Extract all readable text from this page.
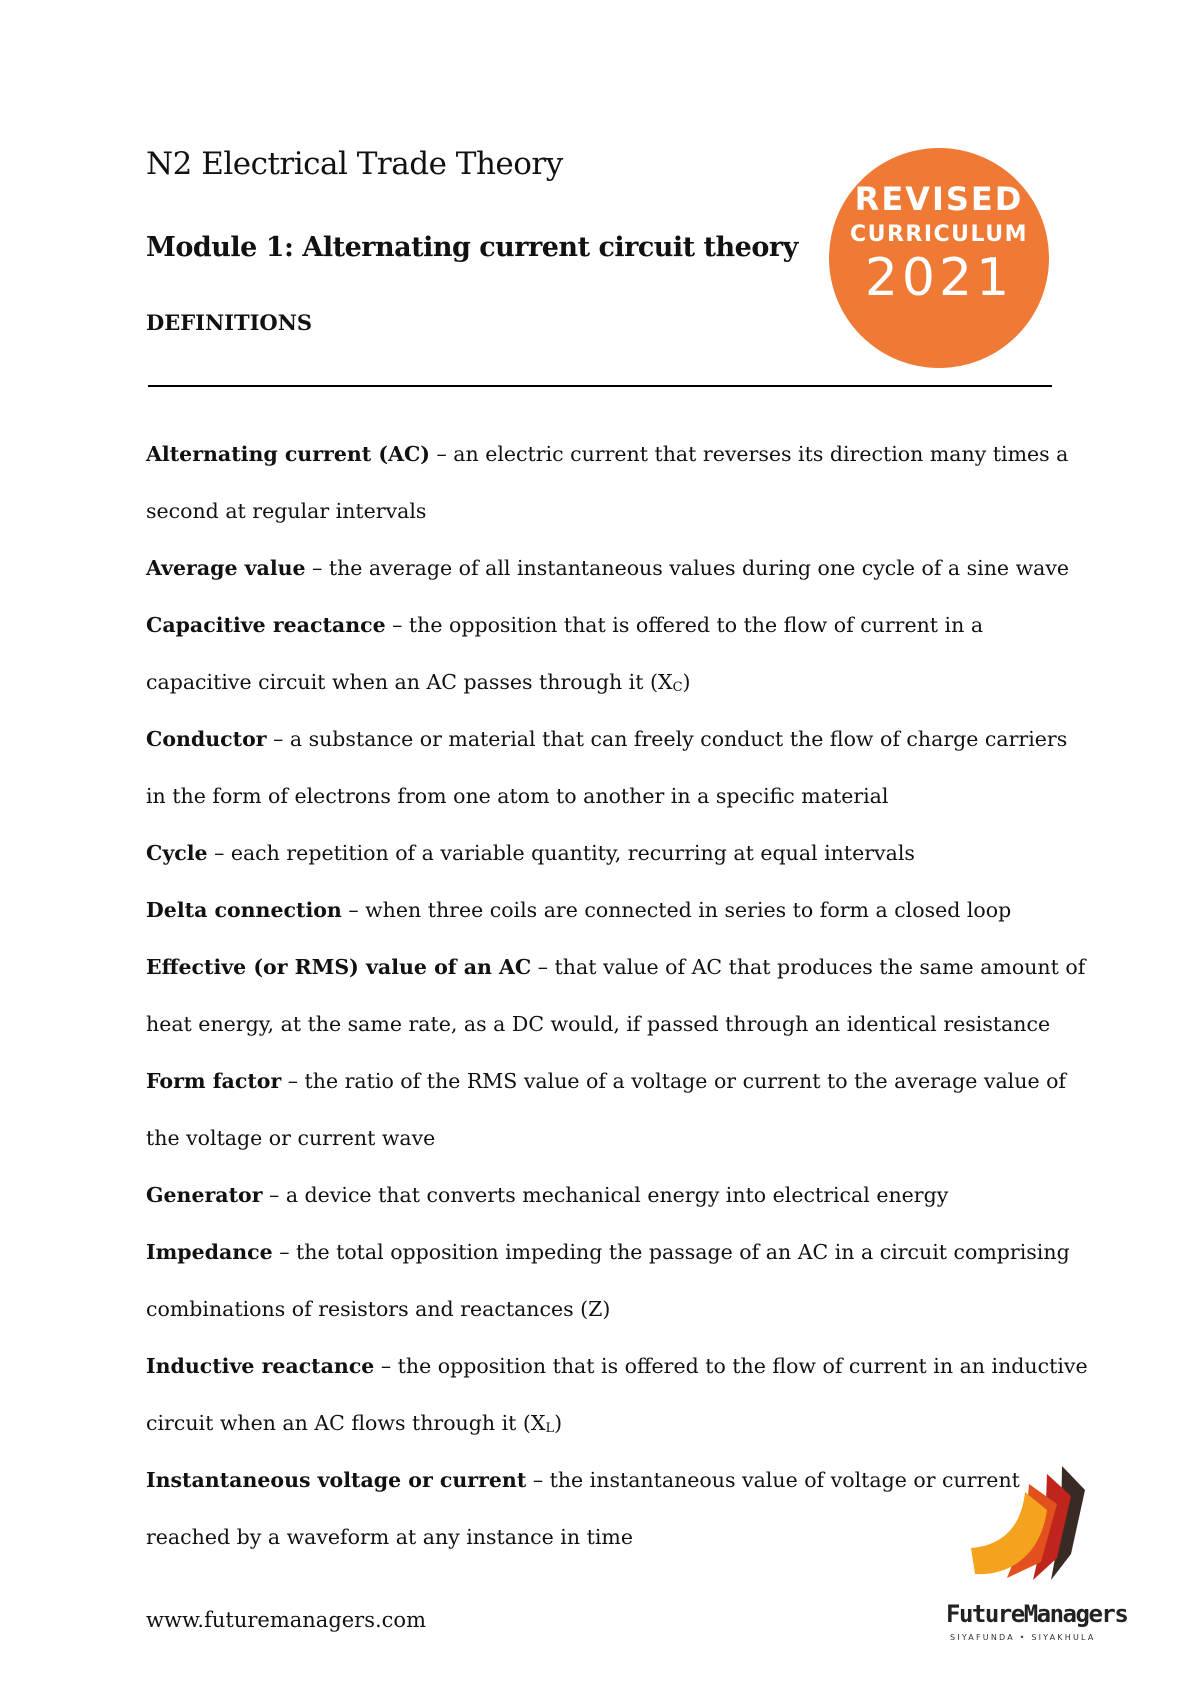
N2 Electrical Trade Theory
Module 1: Alternating current circuit theory
DEFINITIONS
REVISED
CURRICULUM
2021
Alternating current (AC) – an electric current that reverses its direction many times a
second at regular intervals
Average value – the average of all instantaneous values during one cycle of a sine wave
Capacitive reactance – the opposition that is offered to the flow of current in a
capacitive circuit when an AC passes through it (XC)
Conductor – a substance or material that can freely conduct the flow of charge carriers
in the form of electrons from one atom to another in a specific material
Cycle – each repetition of a variable quantity, recurring at equal intervals
Delta connection – when three coils are connected in series to form a closed loop
Effective (or RMS) value of an AC – that value of AC that produces the same amount of
heat energy, at the same rate, as a DC would, if passed through an identical resistance
Form factor – the ratio of the RMS value of a voltage or current to the average value of
the voltage or current wave
Generator – a device that converts mechanical energy into electrical energy
Impedance – the total opposition impeding the passage of an AC in a circuit comprising
combinations of resistors and reactances (Z)
Inductive reactance – the opposition that is offered to the flow of current in an inductive
circuit when an AC flows through it (XL)
Instantaneous voltage or current – the instantaneous value of voltage or current
reached by a waveform at any instance in time
www.futuremanagers.com	FutureManagers
SIYAFUNDA • SIYAKHULA
